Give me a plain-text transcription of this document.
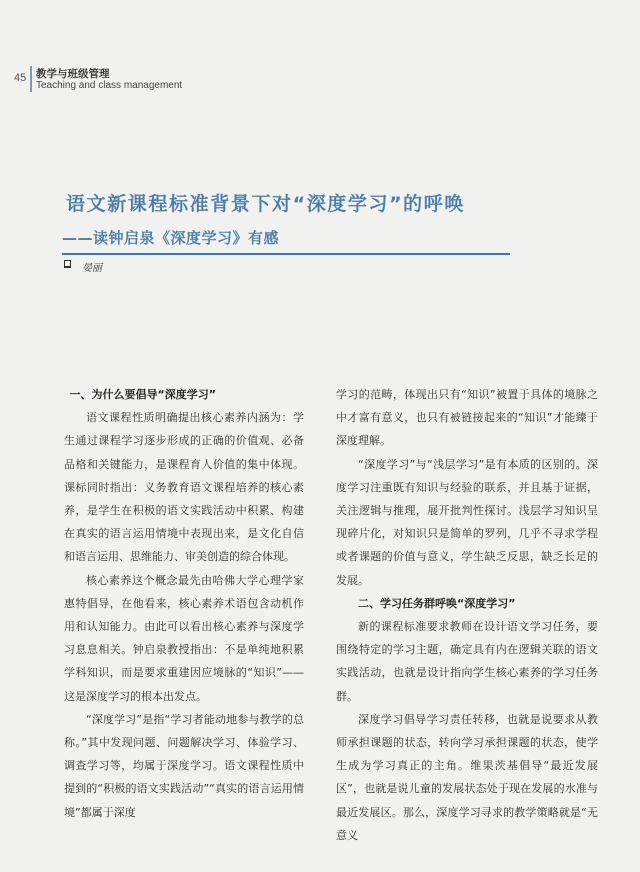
45 教学与班级管理
Teaching and class management
语文新课程标准背景下对“深度学习”的呼唤
——读钟启泉《深度学习》有感
晏丽

一、为什么要倡导“深度学习”

语文课程性质明确提出核心素养内涵为：学生通过课程学习逐步形成的正确的价值观、必备品格和关键能力，是课程育人价值的集中体现。课标同时指出：义务教育语文课程培养的核心素养，是学生在积极的语文实践活动中积累、构建在真实的语言运用情境中表现出来，是文化自信和语言运用、思维能力、审美创造的综合体现。

核心素养这个概念最先由哈佛大学心理学家惠特倡导，在他看来，核心素养术语包含动机作用和认知能力。由此可以看出核心素养与深度学习息息相关。钟启泉教授指出：不是单纯地积累学科知识，而是要求重建因应境脉的“知识”——这是深度学习的根本出发点。

“深度学习”是指“学习者能动地参与教学的总称。”其中发现问题、问题解决学习、体验学习、调查学习等，均属于深度学习。语文课程性质中提到的“积极的语文实践活动”“真实的语言运用情境”都属于深度

学习的范畴，体现出只有“知识”被置于具体的境脉之中才富有意义，也只有被链接起来的“知识”才能臻于深度理解。

“深度学习”与“浅层学习”是有本质的区别的。深度学习注重既有知识与经验的联系，并且基于证据，关注逻辑与推理，展开批判性探讨。浅层学习知识呈现碎片化，对知识只是简单的罗列，几乎不寻求学程或者课题的价值与意义，学生缺乏反思，缺乏长足的发展。

二、学习任务群呼唤“深度学习”

新的课程标准要求教师在设计语文学习任务，要围绕特定的学习主题，确定具有内在逻辑关联的语文实践活动，也就是设计指向学生核心素养的学习任务群。

深度学习倡导学习责任转移，也就是说要求从教师承担课题的状态，转向学习承担课题的状态，使学生成为学习真正的主角。维果茨基倡导“最近发展区”，也就是说儿童的发展状态处于现在发展的水准与最近发展区。那么，深度学习寻求的教学策略就是“无意义
